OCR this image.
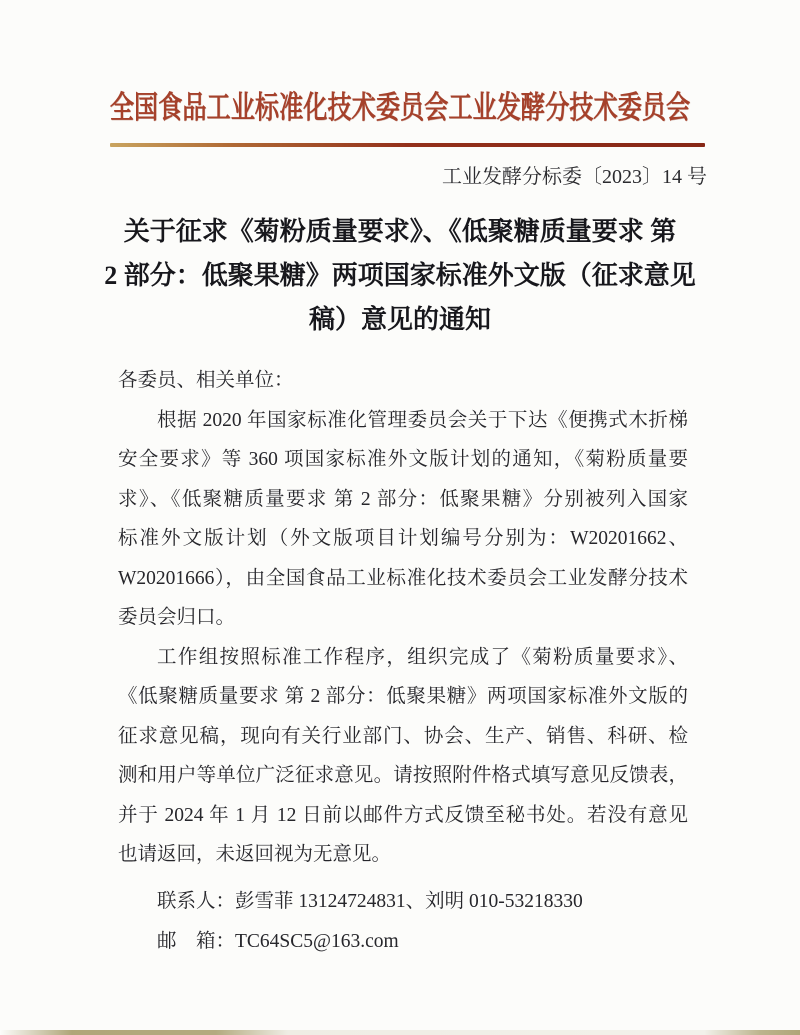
全国食品工业标准化技术委员会工业发酵分技术委员会
工业发酵分标委〔2023〕14 号
关于征求《菊粉质量要求》、《低聚糖质量要求 第
2 部分：低聚果糖》两项国家标准外文版（征求意见
稿）意见的通知
各委员、相关单位：
根据 2020 年国家标准化管理委员会关于下达《便携式木折梯
安全要求》等 360 项国家标准外文版计划的通知，《菊粉质量要
求》、《低聚糖质量要求 第 2 部分：低聚果糖》分别被列入国家
标准外文版计划（外文版项目计划编号分别为：W20201662、
W20201666），由全国食品工业标准化技术委员会工业发酵分技术
委员会归口。
工作组按照标准工作程序，组织完成了《菊粉质量要求》、
《低聚糖质量要求 第 2 部分：低聚果糖》两项国家标准外文版的
征求意见稿，现向有关行业部门、协会、生产、销售、科研、检
测和用户等单位广泛征求意见。请按照附件格式填写意见反馈表，
并于 2024 年 1 月 12 日前以邮件方式反馈至秘书处。若没有意见
也请返回，未返回视为无意见。
联系人：彭雪菲 13124724831、刘明 010-53218330
邮　箱：TC64SC5@163.com
